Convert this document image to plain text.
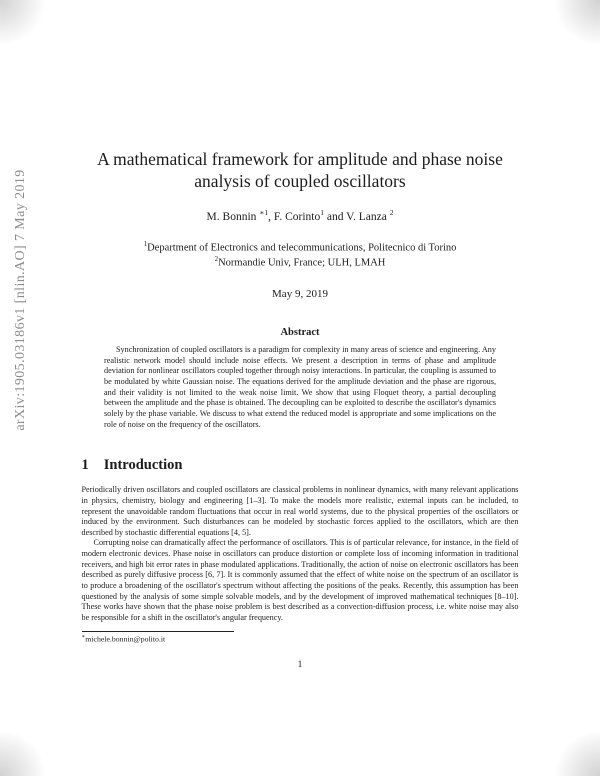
arXiv:1905.03186v1 [nlin.AO] 7 May 2019
A mathematical framework for amplitude and phase noise analysis of coupled oscillators
M. Bonnin $^{∗1}$, F. Corinto$^1$ and V. Lanza $^2$
$^1$Department of Electronics and telecommunications, Politecnico di Torino
$^2$Normandie Univ, France; ULH, LMAH
May 9, 2019
Abstract
Synchronization of coupled oscillators is a paradigm for complexity in many areas of science and engineering. Any realistic network model should include noise effects. We present a description in terms of phase and amplitude deviation for nonlinear oscillators coupled together through noisy interactions. In particular, the coupling is assumed to be modulated by white Gaussian noise. The equations derived for the amplitude deviation and the phase are rigorous, and their validity is not limited to the weak noise limit. We show that using Floquet theory, a partial decoupling between the amplitude and the phase is obtained. The decoupling can be exploited to describe the oscillator's dynamics solely by the phase variable. We discuss to what extend the reduced model is appropriate and some implications on the role of noise on the frequency of the oscillators.
1 Introduction

Periodically driven oscillators and coupled oscillators are classical problems in nonlinear dynamics, with many relevant applications in physics, chemistry, biology and engineering [1–3]. To make the models more realistic, external inputs can be included, to represent the unavoidable random fluctuations that occur in real world systems, due to the physical properties of the oscillators or induced by the environment. Such disturbances can be modeled by stochastic forces applied to the oscillators, which are then described by stochastic differential equations [4, 5].

Corrupting noise can dramatically affect the performance of oscillators. This is of particular relevance, for instance, in the field of modern electronic devices. Phase noise in oscillators can produce distortion or complete loss of incoming information in traditional receivers, and high bit error rates in phase modulated applications. Traditionally, the action of noise on electronic oscillators has been described as purely diffusive process [6, 7]. It is commonly assumed that the effect of white noise on the spectrum of an oscillator is to produce a broadening of the oscillator's spectrum without affecting the positions of the peaks. Recently, this assumption has been questioned by the analysis of some simple solvable models, and by the development of improved mathematical techniques [8–10]. These works have shown that the phase noise problem is best described as a convection-diffusion process, i.e. white noise may also be responsible for a shift in the oscillator's angular frequency.

∗michele.bonnin@polito.it
1
